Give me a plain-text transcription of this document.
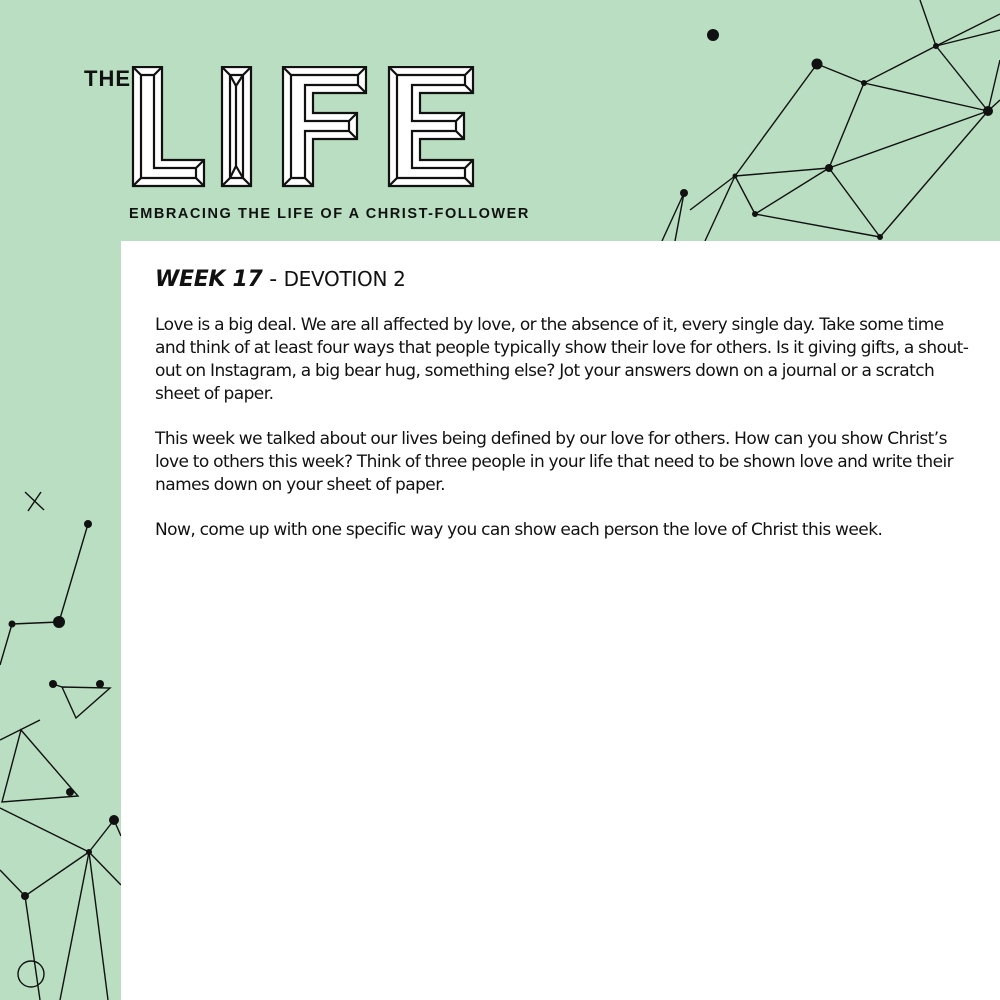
THE
EMBRACING THE LIFE OF A CHRIST-FOLLOWER
WEEK 17 - DEVOTION 2

Love is a big deal. We are all affected by love, or the absence of it, every single day. Take some time and think of at least four ways that people typically show their love for others. Is it giving gifts, a shout-out on Instagram, a big bear hug, something else? Jot your answers down on a journal or a scratch sheet of paper.

This week we talked about our lives being defined by our love for others. How can you show Christ’s love to others this week? Think of three people in your life that need to be shown love and write their names down on your sheet of paper.

Now, come up with one specific way you can show each person the love of Christ this week.
